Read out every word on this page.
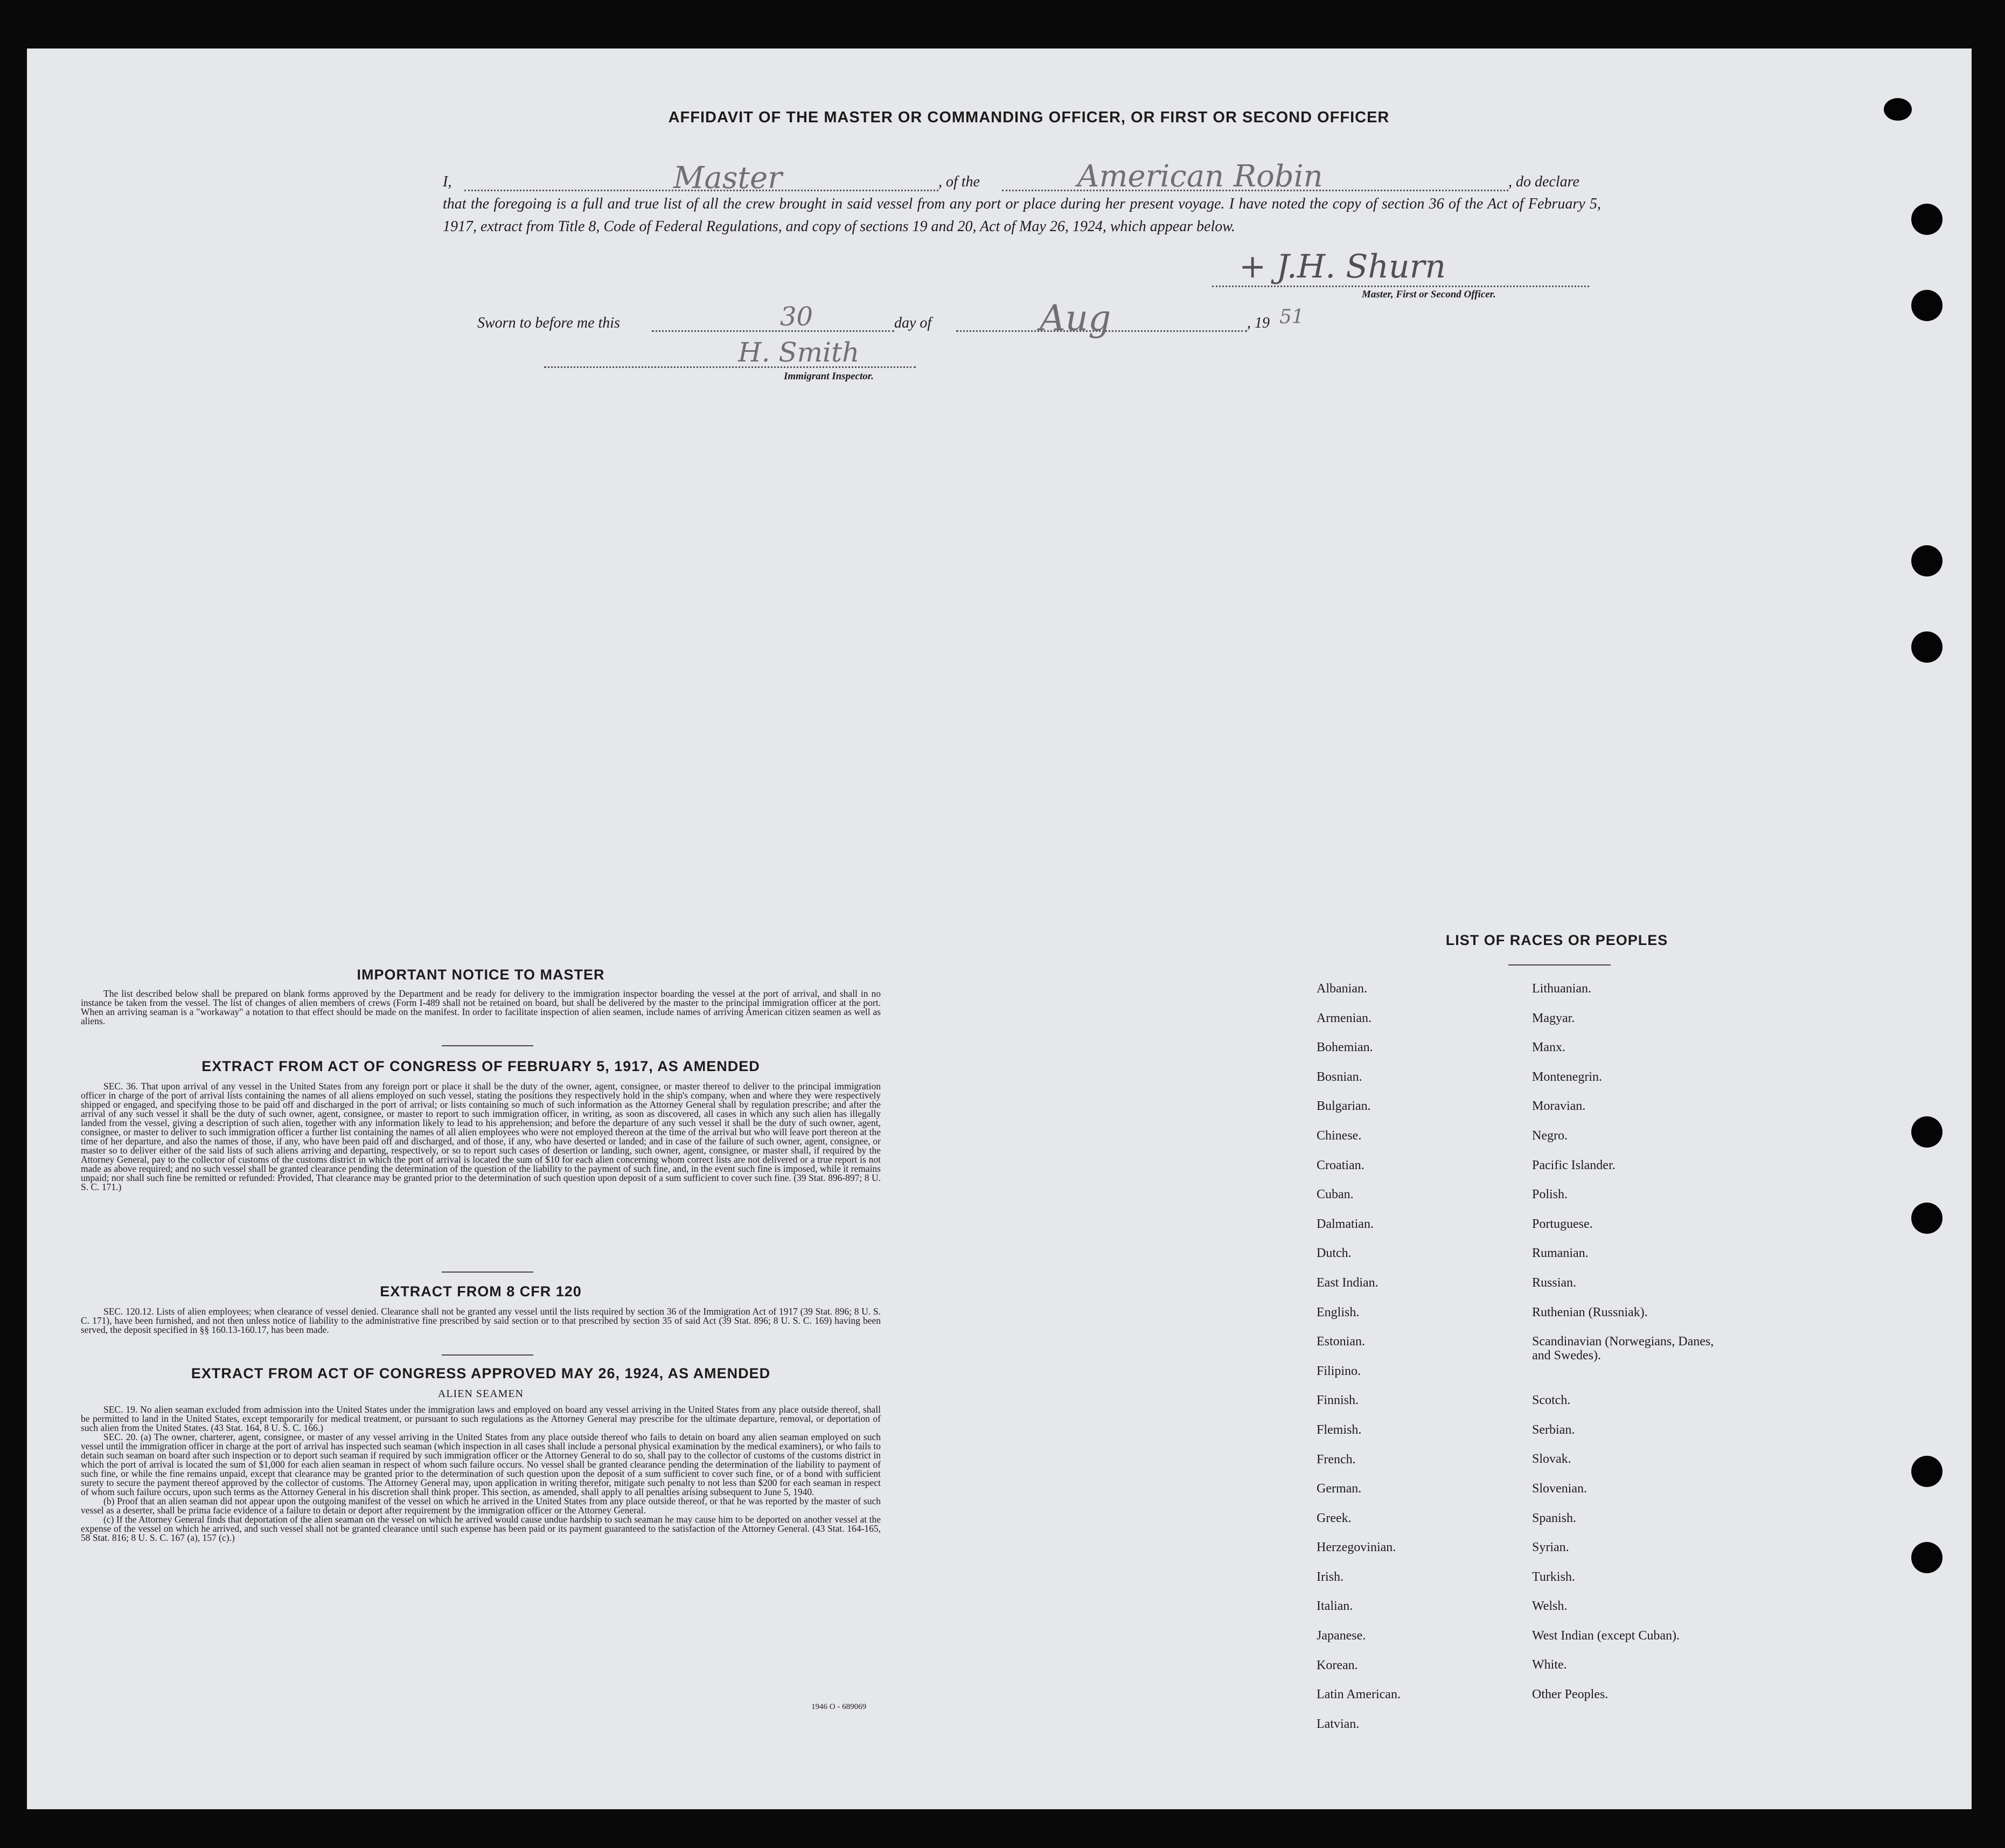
AFFIDAVIT OF THE MASTER OR COMMANDING OFFICER, OR FIRST OR SECOND OFFICER
I,	Master	, of the	American Robin	, do declare
that the foregoing is a full and true list of all the crew brought in said vessel from any port or place during her present voyage. I have noted the copy of section 36 of the Act of February 5, 1917, extract from Title 8, Code of Federal Regulations, and copy of sections 19 and 20, Act of May 26, 1924, which appear below.
+ J.H. Shurn
Master, First or Second Officer.
Sworn to before me this	30	day of	Aug	, 19 51
H. Smith
Immigrant Inspector.
IMPORTANT NOTICE TO MASTER
The list described below shall be prepared on blank forms approved by the Department and be ready for delivery to the immigration inspector boarding the vessel at the port of arrival, and shall in no instance be taken from the vessel. The list of changes of alien members of crews (Form I-489 shall not be retained on board, but shall be delivered by the master to the principal immigration officer at the port. When an arriving seaman is a "workaway" a notation to that effect should be made on the manifest. In order to facilitate inspection of alien seamen, include names of arriving American citizen seamen as well as aliens.
EXTRACT FROM ACT OF CONGRESS OF FEBRUARY 5, 1917, AS AMENDED
SEC. 36. That upon arrival of any vessel in the United States from any foreign port or place it shall be the duty of the owner, agent, consignee, or master thereof to deliver to the principal immigration officer in charge of the port of arrival lists containing the names of all aliens employed on such vessel, stating the positions they respectively hold in the ship's company, when and where they were respectively shipped or engaged, and specifying those to be paid off and discharged in the port of arrival; or lists containing so much of such information as the Attorney General shall by regulation prescribe; and after the arrival of any such vessel it shall be the duty of such owner, agent, consignee, or master to report to such immigration officer, in writing, as soon as discovered, all cases in which any such alien has illegally landed from the vessel, giving a description of such alien, together with any information likely to lead to his apprehension; and before the departure of any such vessel it shall be the duty of such owner, agent, consignee, or master to deliver to such immigration officer a further list containing the names of all alien employees who were not employed thereon at the time of the arrival but who will leave port thereon at the time of her departure, and also the names of those, if any, who have been paid off and discharged, and of those, if any, who have deserted or landed; and in case of the failure of such owner, agent, consignee, or master so to deliver either of the said lists of such aliens arriving and departing, respectively, or so to report such cases of desertion or landing, such owner, agent, consignee, or master shall, if required by the Attorney General, pay to the collector of customs of the customs district in which the port of arrival is located the sum of $10 for each alien concerning whom correct lists are not delivered or a true report is not made as above required; and no such vessel shall be granted clearance pending the determination of the question of the liability to the payment of such fine, and, in the event such fine is imposed, while it remains unpaid; nor shall such fine be remitted or refunded: Provided, That clearance may be granted prior to the determination of such question upon deposit of a sum sufficient to cover such fine. (39 Stat. 896-897; 8 U. S. C. 171.)
EXTRACT FROM 8 CFR 120
SEC. 120.12. Lists of alien employees; when clearance of vessel denied. Clearance shall not be granted any vessel until the lists required by section 36 of the Immigration Act of 1917 (39 Stat. 896; 8 U. S. C. 171), have been furnished, and not then unless notice of liability to the administrative fine prescribed by said section or to that prescribed by section 35 of said Act (39 Stat. 896; 8 U. S. C. 169) having been served, the deposit specified in §§ 160.13-160.17, has been made.
EXTRACT FROM ACT OF CONGRESS APPROVED MAY 26, 1924, AS AMENDED
ALIEN SEAMEN
SEC. 19. No alien seaman excluded from admission into the United States under the immigration laws and employed on board any vessel arriving in the United States from any place outside thereof, shall be permitted to land in the United States, except temporarily for medical treatment, or pursuant to such regulations as the Attorney General may prescribe for the ultimate departure, removal, or deportation of such alien from the United States. (43 Stat. 164, 8 U. S. C. 166.)
SEC. 20. (a) The owner, charterer, agent, consignee, or master of any vessel arriving in the United States from any place outside thereof who fails to detain on board any alien seaman employed on such vessel until the immigration officer in charge at the port of arrival has inspected such seaman (which inspection in all cases shall include a personal physical examination by the medical examiners), or who fails to detain such seaman on board after such inspection or to deport such seaman if required by such immigration officer or the Attorney General to do so, shall pay to the collector of customs of the customs district in which the port of arrival is located the sum of $1,000 for each alien seaman in respect of whom such failure occurs. No vessel shall be granted clearance pending the determination of the liability to payment of such fine, or while the fine remains unpaid, except that clearance may be granted prior to the determination of such question upon the deposit of a sum sufficient to cover such fine, or of a bond with sufficient surety to secure the payment thereof approved by the collector of customs. The Attorney General may, upon application in writing therefor, mitigate such penalty to not less than $200 for each seaman in respect of whom such failure occurs, upon such terms as the Attorney General in his discretion shall think proper. This section, as amended, shall apply to all penalties arising subsequent to June 5, 1940.
(b) Proof that an alien seaman did not appear upon the outgoing manifest of the vessel on which he arrived in the United States from any place outside thereof, or that he was reported by the master of such vessel as a deserter, shall be prima facie evidence of a failure to detain or deport after requirement by the immigration officer or the Attorney General.
(c) If the Attorney General finds that deportation of the alien seaman on the vessel on which he arrived would cause undue hardship to such seaman he may cause him to be deported on another vessel at the expense of the vessel on which he arrived, and such vessel shall not be granted clearance until such expense has been paid or its payment guaranteed to the satisfaction of the Attorney General. (43 Stat. 164-165, 58 Stat. 816; 8 U. S. C. 167 (a), 157 (c).)
1946 O - 689069
LIST OF RACES OR PEOPLES

Albanian.

Armenian.

Bohemian.

Bosnian.

Bulgarian.

Chinese.

Croatian.

Cuban.

Dalmatian.

Dutch.

East Indian.

English.

Estonian.

Filipino.

Finnish.

Flemish.

French.

German.

Greek.

Herzegovinian.

Irish.

Italian.

Japanese.

Korean.

Latin American.

Latvian.

Lithuanian.

Magyar.

Manx.

Montenegrin.

Moravian.

Negro.

Pacific Islander.

Polish.

Portuguese.

Rumanian.

Russian.

Ruthenian (Russniak).

Scandinavian (Norwegians, Danes, and Swedes).

Scotch.

Serbian.

Slovak.

Slovenian.

Spanish.

Syrian.

Turkish.

Welsh.

West Indian (except Cuban).

White.

Other Peoples.
